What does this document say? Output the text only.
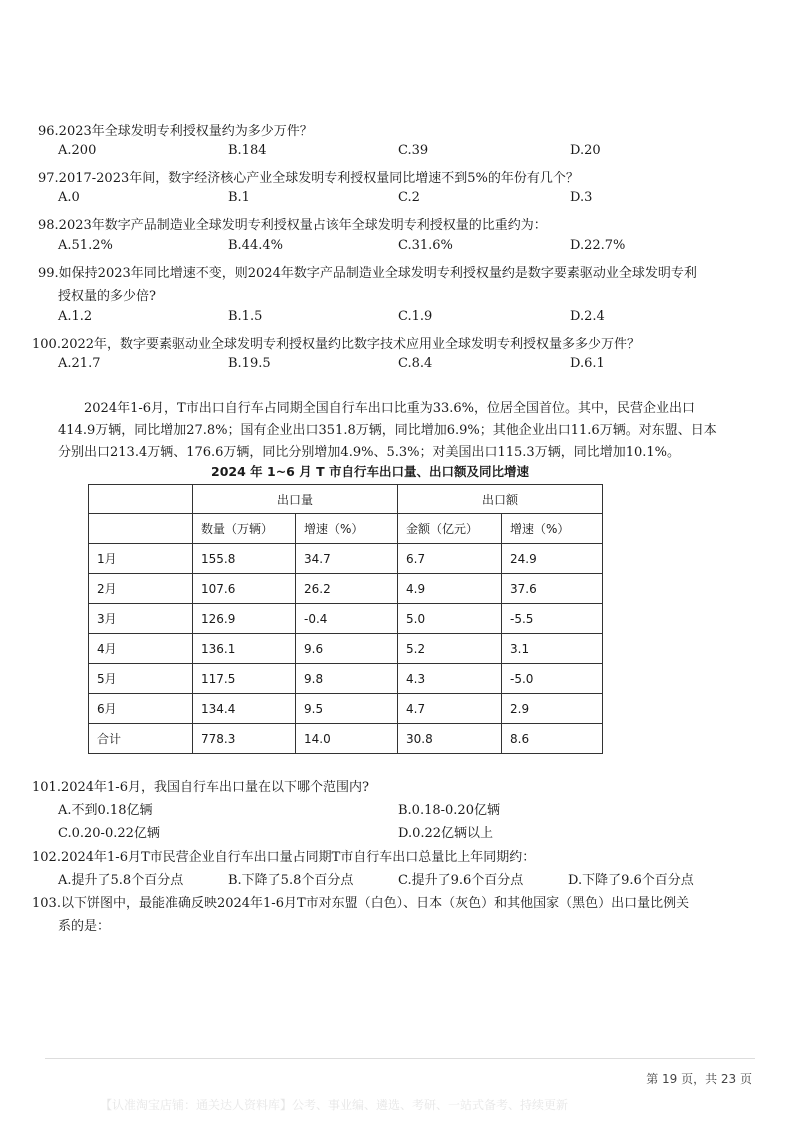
96.2023年全球发明专利授权量约为多少万件？
A.200	B.184	C.39	D.20
97.2017-2023年间，数字经济核心产业全球发明专利授权量同比增速不到5%的年份有几个？
A.0	B.1	C.2	D.3
98.2023年数字产品制造业全球发明专利授权量占该年全球发明专利授权量的比重约为：
A.51.2%	B.44.4%	C.31.6%	D.22.7%
99.如保持2023年同比增速不变，则2024年数字产品制造业全球发明专利授权量约是数字要素驱动业全球发明专利
授权量的多少倍?
A.1.2	B.1.5	C.1.9	D.2.4
100.2022年，数字要素驱动业全球发明专利授权量约比数字技术应用业全球发明专利授权量多多少万件？
A.21.7	B.19.5	C.8.4	D.6.1
2024年1-6月，T市出口自行车占同期全国自行车出口比重为33.6%，位居全国首位。其中，民营企业出口
414.9万辆，同比增加27.8%；国有企业出口351.8万辆，同比增加6.9%；其他企业出口11.6万辆。对东盟、日本
分别出口213.4万辆、176.6万辆，同比分别增加4.9%、5.3%；对美国出口115.3万辆，同比增加10.1%。
2024 年 1~6 月 T 市自行车出口量、出口额及同比增速
	出口量		出口额	
	数量（万辆）	增速（%）	金额（亿元）	增速（%）
1月	155.8	34.7	6.7	24.9
2月	107.6	26.2	4.9	37.6
3月	126.9	-0.4	5.0	-5.5
4月	136.1	9.6	5.2	3.1
5月	117.5	9.8	4.3	-5.0
6月	134.4	9.5	4.7	2.9
合计	778.3	14.0	30.8	8.6
101.2024年1-6月，我国自行车出口量在以下哪个范围内?
A.不到0.18亿辆	B.0.18-0.20亿辆
C.0.20-0.22亿辆	D.0.22亿辆以上
102.2024年1-6月T市民营企业自行车出口量占同期T市自行车出口总量比上年同期约：
A.提升了5.8个百分点	B.下降了5.8个百分点	C.提升了9.6个百分点	D.下降了9.6个百分点
103.以下饼图中，最能准确反映2024年1-6月T市对东盟（白色）、日本（灰色）和其他国家（黑色）出口量比例关
系的是：
第 19 页，共 23 页
【认准淘宝店铺：通关达人资料库】公考、事业编、遴选、考研、一站式备考、持续更新
